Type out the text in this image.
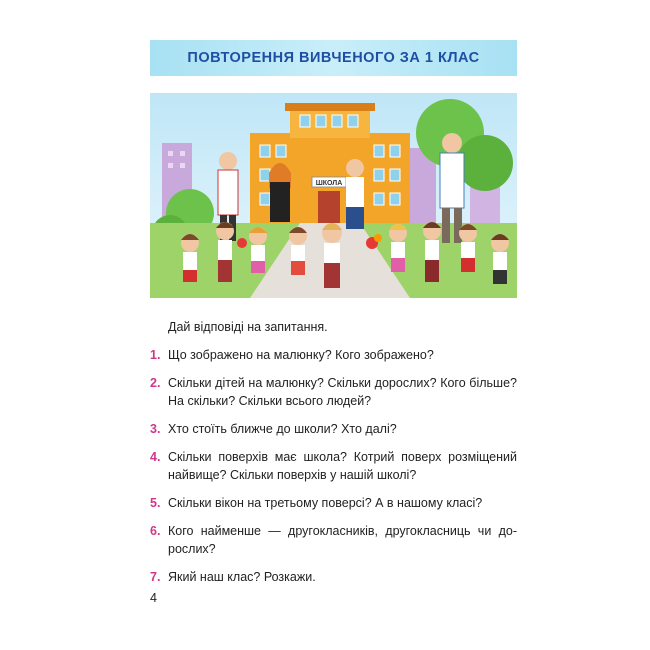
ПОВТОРЕННЯ ВИВЧЕНОГО ЗА 1 КЛАС
ШКОЛА
Дай відповіді на запитання.
1. Що зображено на малюнку? Кого зображено?
2. Скільки дітей на малюнку? Скільки дорослих? Кого більше? На скільки? Скільки всього людей?
3. Хто стоїть ближче до школи? Хто далі?
4. Скільки поверхів має школа? Котрий поверх розміщений найвище? Скільки поверхів у нашій школі?
5. Скільки вікон на третьому поверсі? А в нашому класі?
6. Кого найменше — другокласників, другокласниць чи дорослих?
7. Який наш клас? Розкажи.
4
